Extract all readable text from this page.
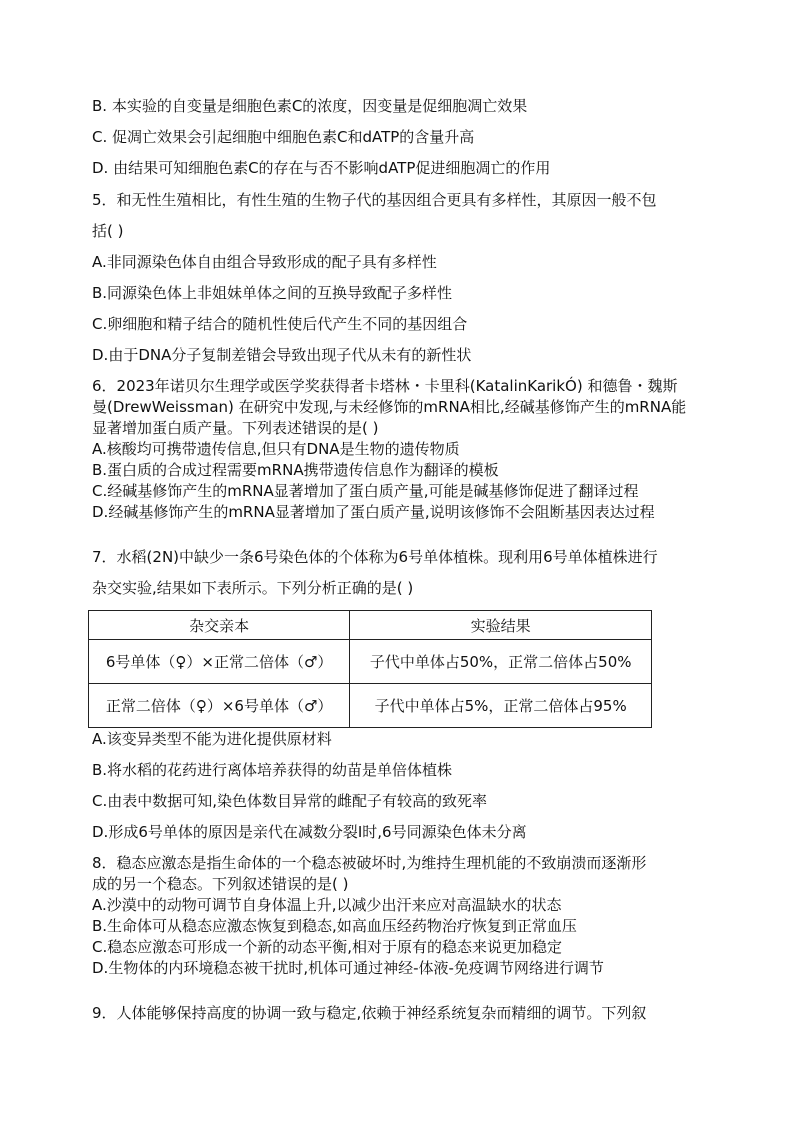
B. 本实验的自变量是细胞色素C的浓度，因变量是促细胞凋亡效果
C. 促凋亡效果会引起细胞中细胞色素C和dATP的含量升高
D. 由结果可知细胞色素C的存在与否不影响dATP促进细胞凋亡的作用
5．和无性生殖相比，有性生殖的生物子代的基因组合更具有多样性，其原因一般不包
括( )
A.非同源染色体自由组合导致形成的配子具有多样性
B.同源染色体上非姐妹单体之间的互换导致配子多样性
C.卵细胞和精子结合的随机性使后代产生不同的基因组合
D.由于DNA分子复制差错会导致出现子代从未有的新性状
6．2023年诺贝尔生理学或医学奖获得者卡塔林・卡里科(KatalinKarikÓ) 和德鲁・魏斯
曼(DrewWeissman) 在研究中发现,与未经修饰的mRNA相比,经碱基修饰产生的mRNA能
显著增加蛋白质产量。下列表述错误的是( )
A.核酸均可携带遗传信息,但只有DNA是生物的遗传物质
B.蛋白质的合成过程需要mRNA携带遗传信息作为翻译的模板
C.经碱基修饰产生的mRNA显著增加了蛋白质产量,可能是碱基修饰促进了翻译过程
D.经碱基修饰产生的mRNA显著增加了蛋白质产量,说明该修饰不会阻断基因表达过程
7．水稻(2N)中缺少一条6号染色体的个体称为6号单体植株。现利用6号单体植株进行
杂交实验,结果如下表所示。下列分析正确的是( )
杂交亲本	实验结果
6号单体（♀）×正常二倍体（♂）	子代中单体占50%，正常二倍体占50%
正常二倍体（♀）×6号单体（♂）	子代中单体占5%，正常二倍体占95%
A.该变异类型不能为进化提供原材料
B.将水稻的花药进行离体培养获得的幼苗是单倍体植株
C.由表中数据可知,染色体数目异常的雌配子有较高的致死率
D.形成6号单体的原因是亲代在减数分裂Ⅰ时,6号同源染色体未分离
8．稳态应激态是指生命体的一个稳态被破坏时,为维持生理机能的不致崩溃而逐渐形
成的另一个稳态。下列叙述错误的是( )
A.沙漠中的动物可调节自身体温上升,以减少出汗来应对高温缺水的状态
B.生命体可从稳态应激态恢复到稳态,如高血压经药物治疗恢复到正常血压
C.稳态应激态可形成一个新的动态平衡,相对于原有的稳态来说更加稳定
D.生物体的内环境稳态被干扰时,机体可通过神经-体液-免疫调节网络进行调节
9．人体能够保持高度的协调一致与稳定,依赖于神经系统复杂而精细的调节。下列叙
